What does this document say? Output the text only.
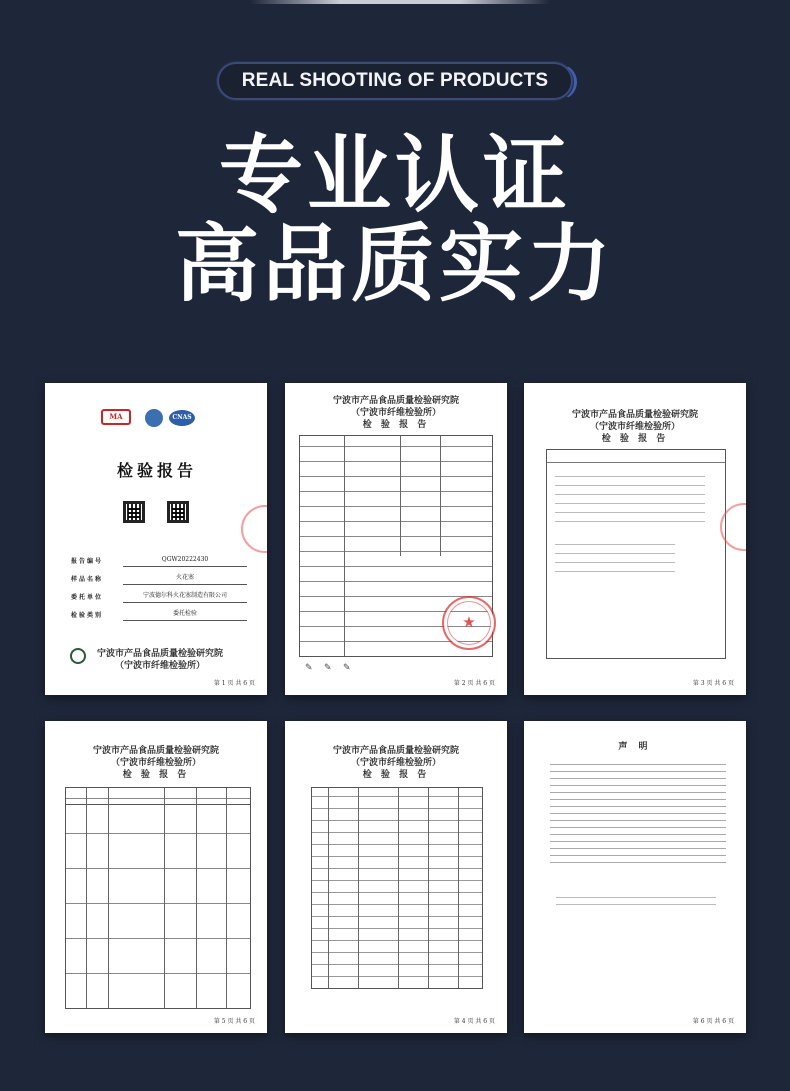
REAL SHOOTING OF PRODUCTS
专业认证
高品质实力
MA	CNAS
检验报告
报告编号	QGW20222430
样品名称	火花塞
委托单位	宁波德尔科火花塞制造有限公司
检验类别	委托检验
宁波市产品食品质量检验研究院
（宁波市纤维检验所）
第 1 页 共 6 页
宁波市产品食品质量检验研究院
（宁波市纤维检验所）
检 验 报 告
★
✎    ✎    ✎
第 2 页 共 6 页
宁波市产品食品质量检验研究院
（宁波市纤维检验所）
检 验 报 告
第 3 页 共 6 页
宁波市产品食品质量检验研究院
（宁波市纤维检验所）
检 验 报 告
第 5 页 共 6 页
宁波市产品食品质量检验研究院
（宁波市纤维检验所）
检 验 报 告
第 4 页 共 6 页
声 明
第 6 页 共 6 页
